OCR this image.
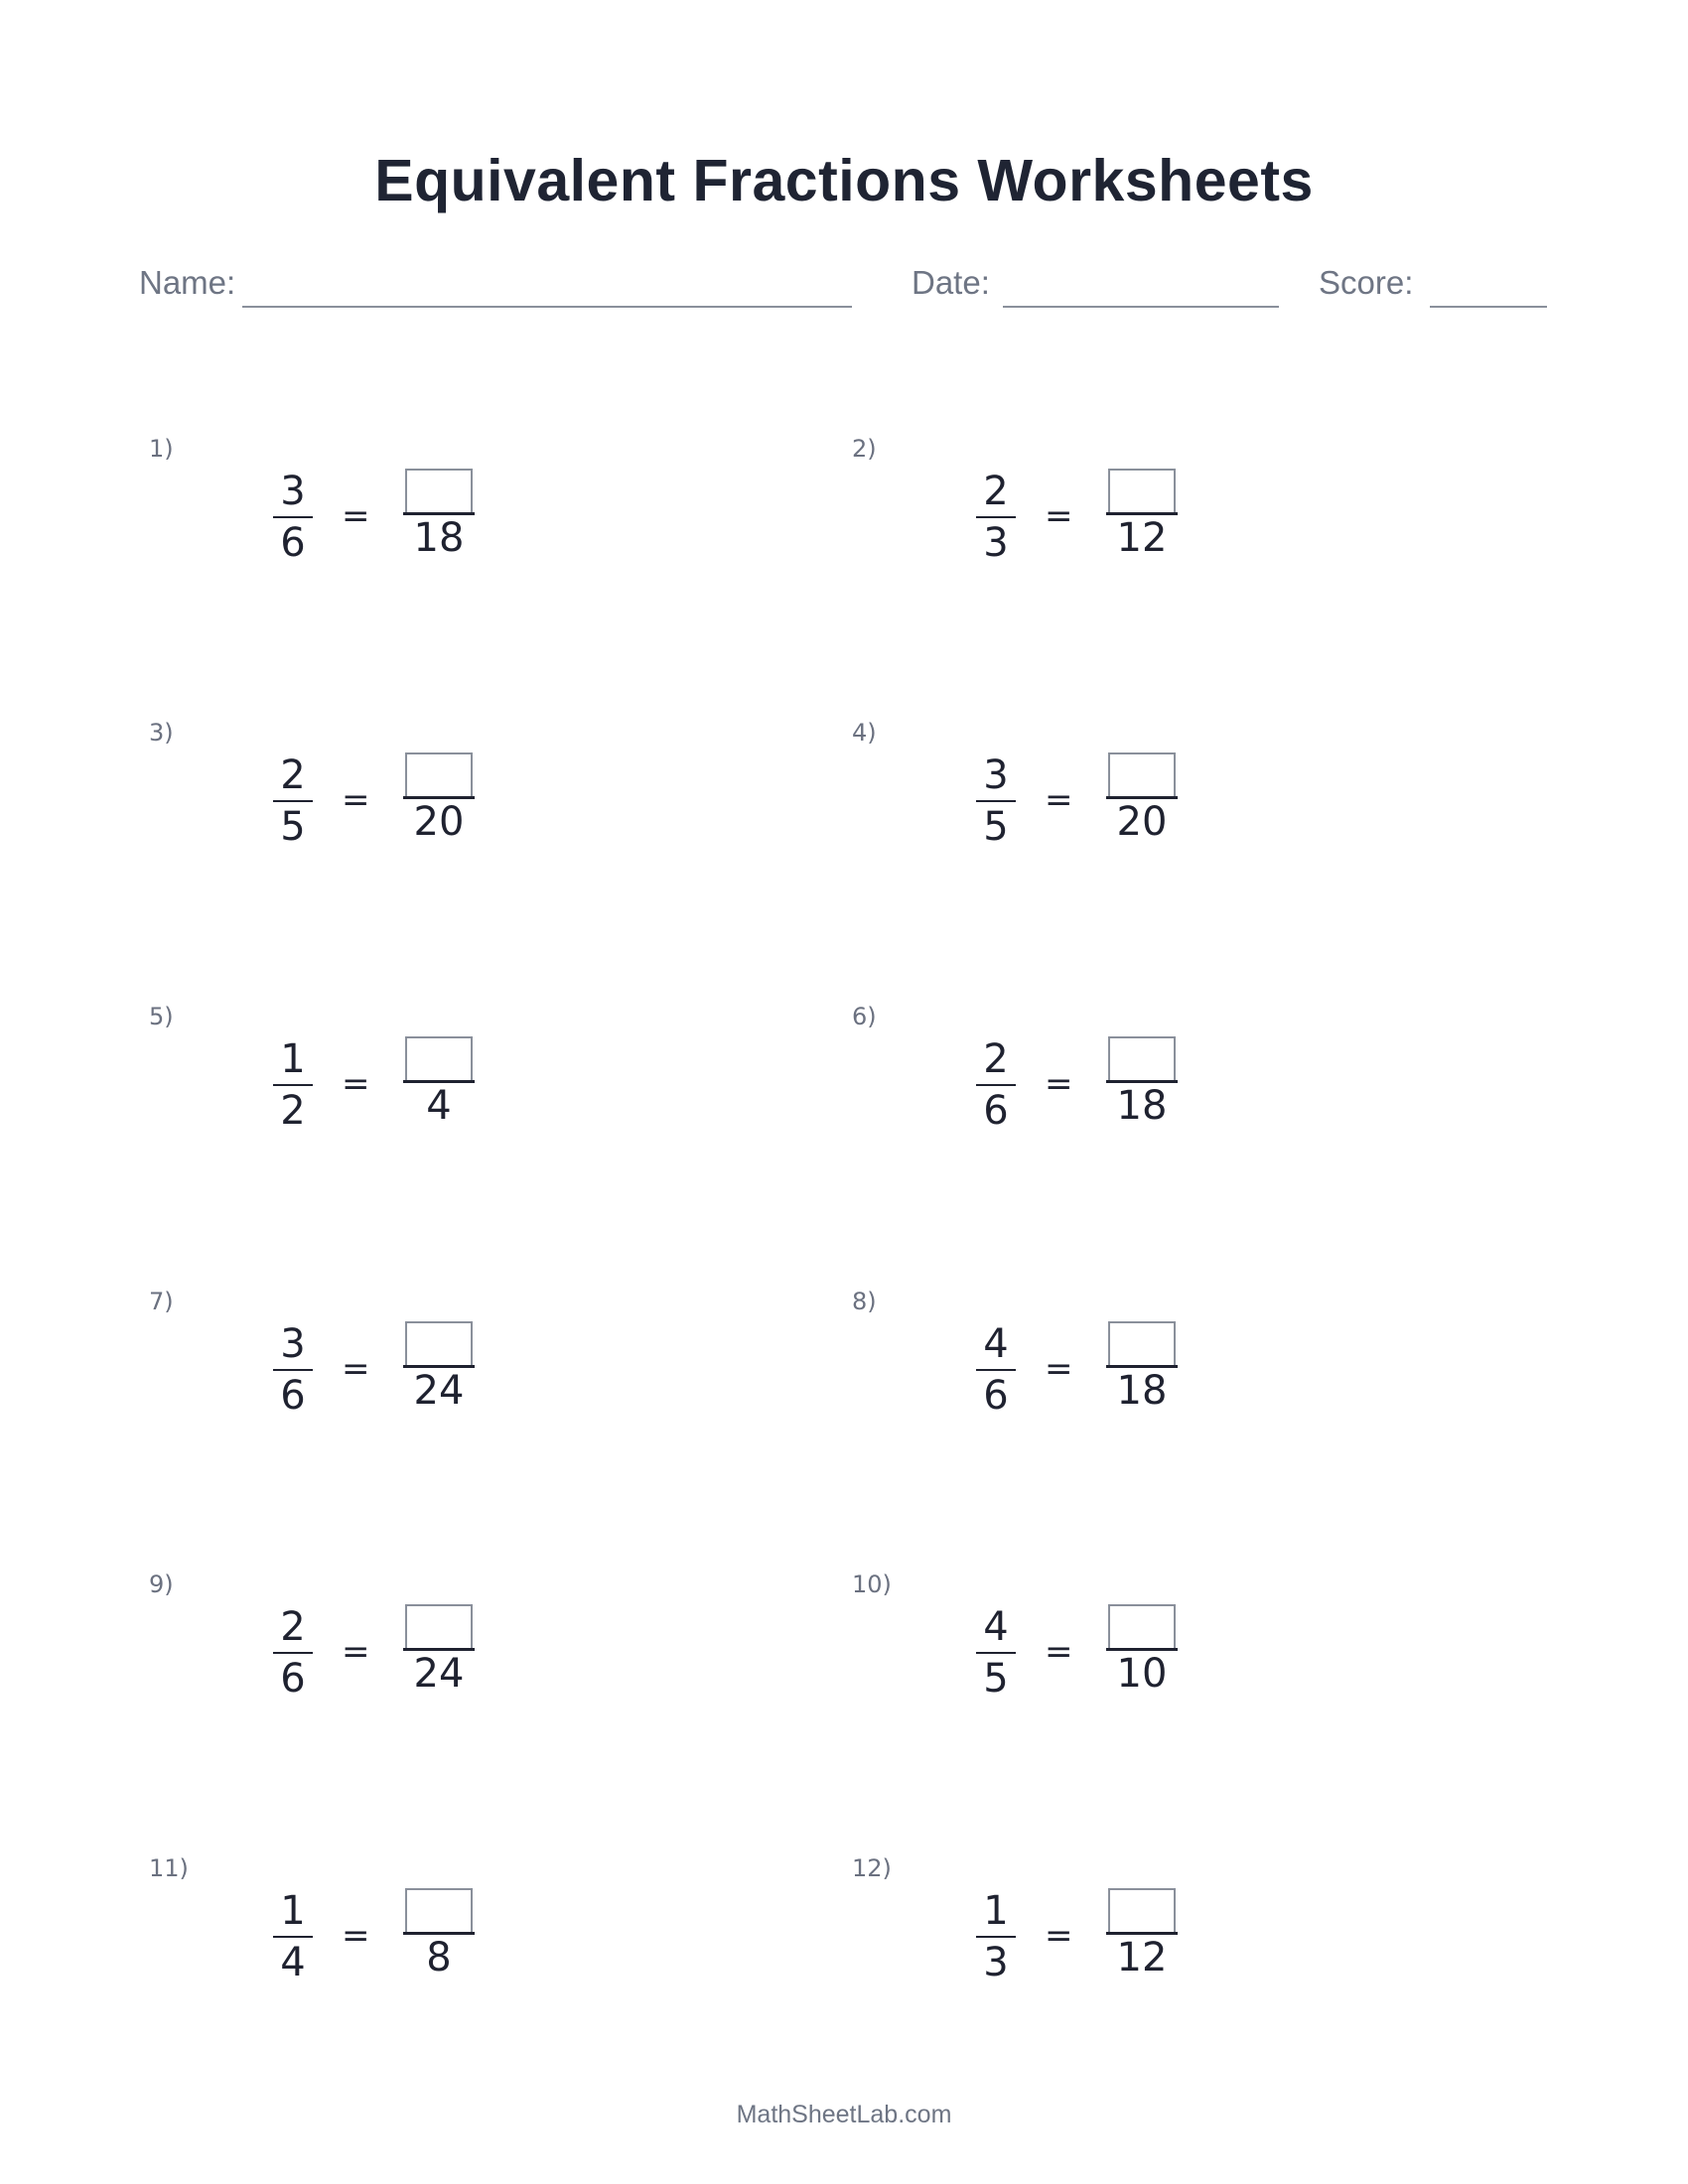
Equivalent Fractions Worksheets
Name:	Date:	Score:
1)
3
6
= 18
2)
2
3
= 12
3)
2
5
= 20
4)
3
5
= 20
5)
1
2
=	4
6)
2
6
= 18
7)
3
6
= 24
8)
4
6
= 18
9)
2
6
= 24
10)
4
5
= 10
11)
1
4
=	8
12)
1
3
= 12
MathSheetLab.com
